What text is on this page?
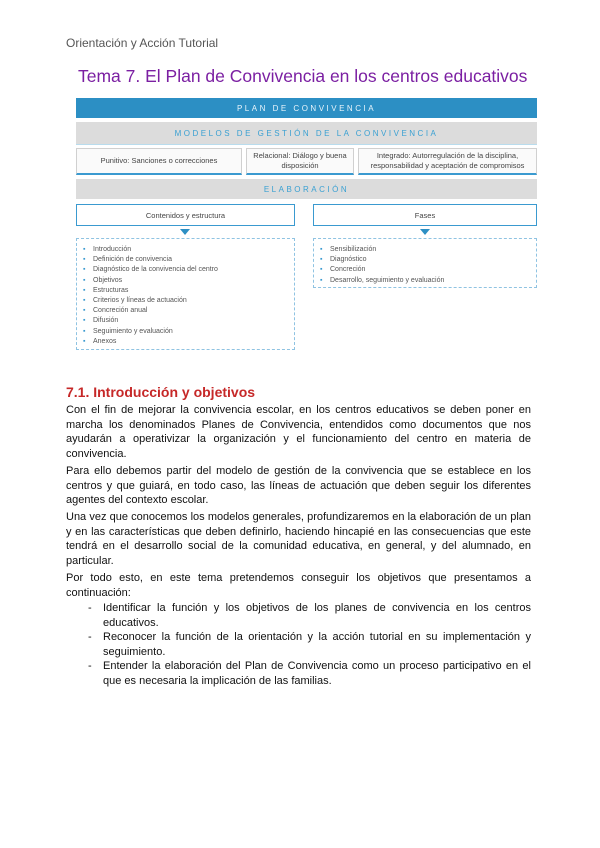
Orientación y Acción Tutorial
Tema 7. El Plan de Convivencia en los centros educativos
PLAN DE CONVIVENCIA
MODELOS DE GESTIÓN DE LA CONVIVENCIA
Punitivo: Sanciones o correcciones
Relacional: Diálogo y buena disposición
Integrado: Autorregulación de la disciplina, responsabilidad y aceptación de compromisos
ELABORACIÓN
Contenidos y estructura	Fases
▪ Introducción
▪ Definición de convivencia
▪ Diagnóstico de la convivencia del centro
▪ Objetivos
▪ Estructuras
▪ Criterios y líneas de actuación
▪ Concreción anual
▪ Difusión
▪ Seguimiento y evaluación
▪ Anexos
▪ Sensibilización
▪ Diagnóstico
▪ Concreción
▪ Desarrollo, seguimiento y evaluación
7.1. Introducción y objetivos
Con el fin de mejorar la convivencia escolar, en los centros educativos se deben poner en marcha los denominados Planes de Convivencia, entendidos como documentos que nos ayudarán a operativizar la organización y el funcionamiento del centro en materia de convivencia.
Para ello debemos partir del modelo de gestión de la convivencia que se establece en los centros y que guiará, en todo caso, las líneas de actuación que deben seguir los diferentes agentes del contexto escolar.
Una vez que conocemos los modelos generales, profundizaremos en la elaboración de un plan y en las características que deben definirlo, haciendo hincapié en las consecuencias que este tendrá en el desarrollo social de la comunidad educativa, en general, y del alumnado, en particular.
Por todo esto, en este tema pretendemos conseguir los objetivos que presentamos a continuación:
- Identificar la función y los objetivos de los planes de convivencia en los centros educativos.
- Reconocer la función de la orientación y la acción tutorial en su implementación y seguimiento.
- Entender la elaboración del Plan de Convivencia como un proceso participativo en el que es necesaria la implicación de las familias.
